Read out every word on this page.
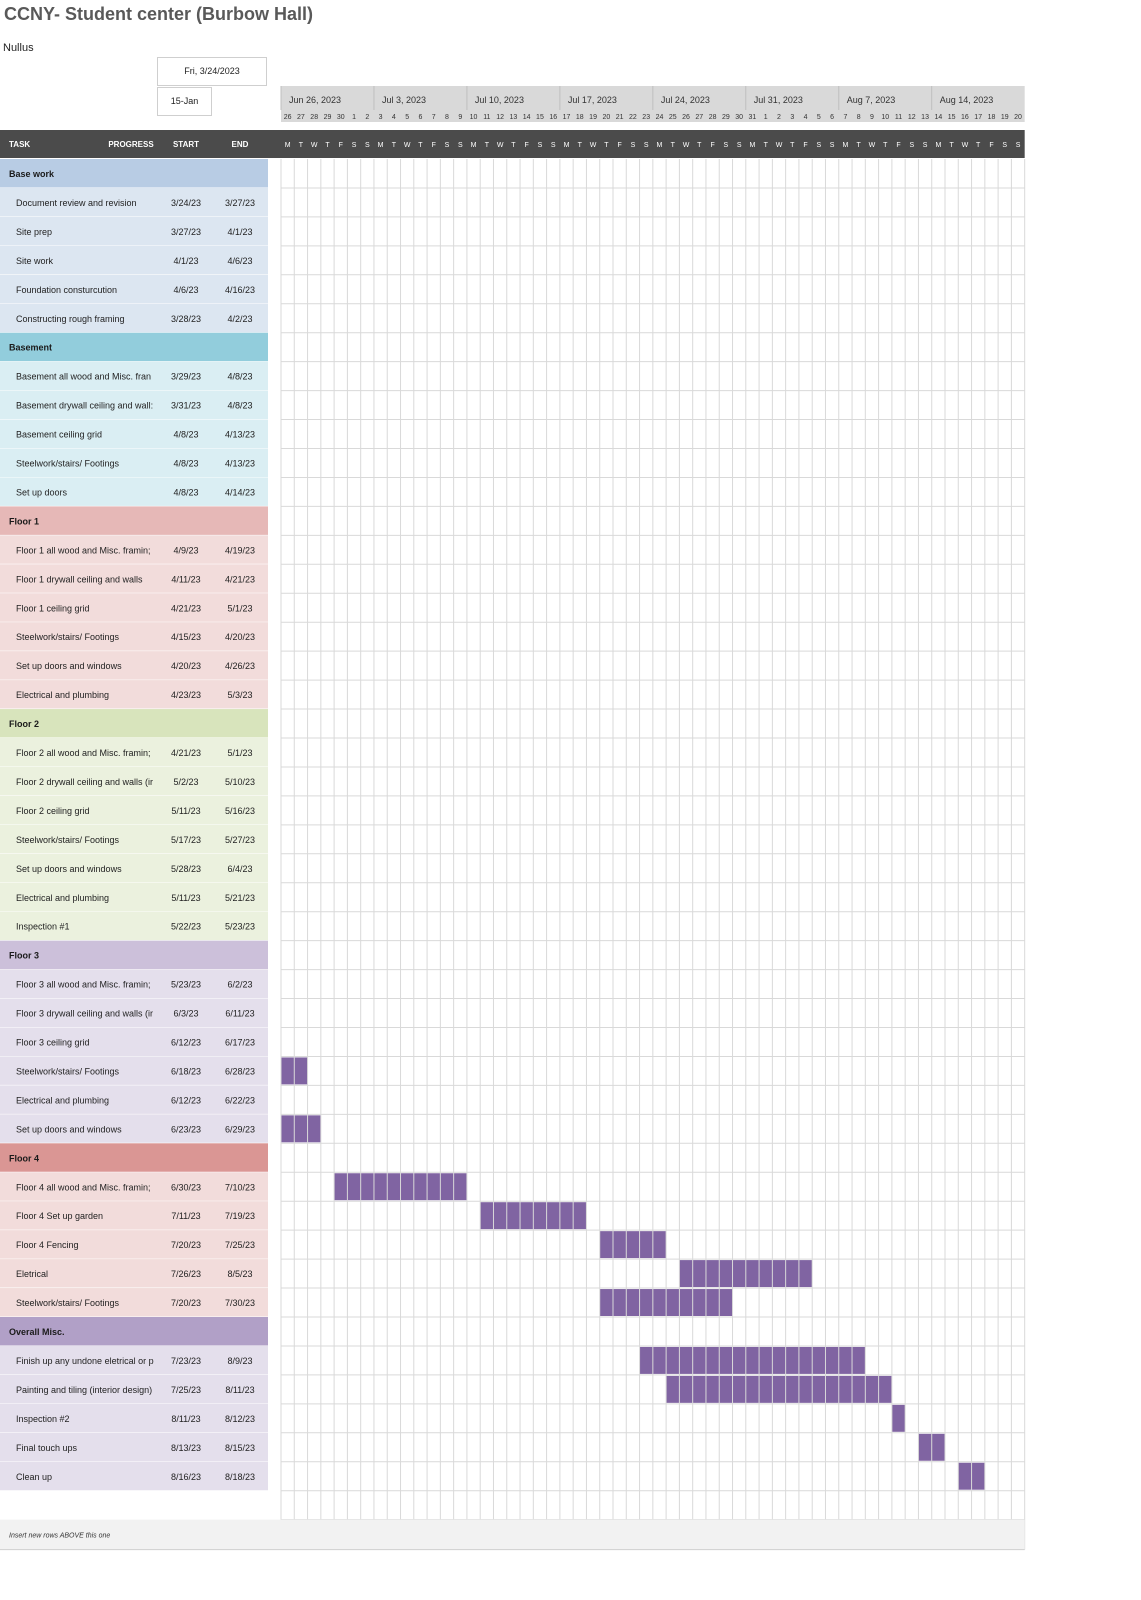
CCNY- Student center (Burbow Hall)
Nullus
Fri, 3/24/2023
15-Jan	Jun 26, 2023	Jul 3, 2023	Jul 10, 2023	Jul 17, 2023	Jul 24, 2023	Jul 31, 2023	Aug 7, 2023	Aug 14, 2023
26 27 28 29 30 1 2 3 4 5 6 7 8 9 10 11 12 13 14 15 16 17 18 19 20 21 22 23 24 25 26 27 28 29 30 31 1 2 3 4 5 6 7 8 9 10 11 12 13 14 15 16 17 18 19 20
TASK	PROGRESS START	END	M T W T F S S M T W T F S S M T W T F S S M T W T F S S M T W T F S S M T W T F S S M T W T F S S M T W T F S S
Base work
Document review and revision	3/24/23	3/27/23
Site prep	3/27/23	4/1/23
Site work	4/1/23	4/6/23
Foundation consturcution	4/6/23	4/16/23
Constructing rough framing	3/28/23	4/2/23
Basement
Basement all wood and Misc. fran 3/29/23	4/8/23
Basement drywall ceiling and wall: 3/31/23	4/8/23
Basement ceiling grid	4/8/23	4/13/23
Steelwork/stairs/ Footings	4/8/23	4/13/23
Set up doors	4/8/23	4/14/23
Floor 1
Floor 1 all wood and Misc. framin;	4/9/23	4/19/23
Floor 1 drywall ceiling and walls	4/11/23	4/21/23
Floor 1 ceiling grid	4/21/23	5/1/23
Steelwork/stairs/ Footings	4/15/23	4/20/23
Set up doors and windows	4/20/23	4/26/23
Electrical and plumbing	4/23/23	5/3/23
Floor 2
Floor 2 all wood and Misc. framin; 4/21/23	5/1/23
Floor 2 drywall ceiling and walls (ir 5/2/23	5/10/23
Floor 2 ceiling grid	5/11/23	5/16/23
Steelwork/stairs/ Footings	5/17/23	5/27/23
Set up doors and windows	5/28/23	6/4/23
Electrical and plumbing	5/11/23	5/21/23
Inspection #1	5/22/23	5/23/23
Floor 3
Floor 3 all wood and Misc. framin; 5/23/23	6/2/23
Floor 3 drywall ceiling and walls (ir 6/3/23	6/11/23
Floor 3 ceiling grid	6/12/23	6/17/23
Steelwork/stairs/ Footings	6/18/23	6/28/23
Electrical and plumbing	6/12/23	6/22/23
Set up doors and windows	6/23/23	6/29/23
Floor 4
Floor 4 all wood and Misc. framin; 6/30/23	7/10/23
Floor 4 Set up garden	7/11/23	7/19/23
Floor 4 Fencing	7/20/23	7/25/23
Eletrical	7/26/23	8/5/23
Steelwork/stairs/ Footings	7/20/23	7/30/23
Overall Misc.
Finish up any undone eletrical or p 7/23/23	8/9/23
Painting and tiling (interior design) 7/25/23	8/11/23
Inspection #2	8/11/23	8/12/23
Final touch ups	8/13/23	8/15/23
Clean up	8/16/23	8/18/23
Insert new rows ABOVE this one
